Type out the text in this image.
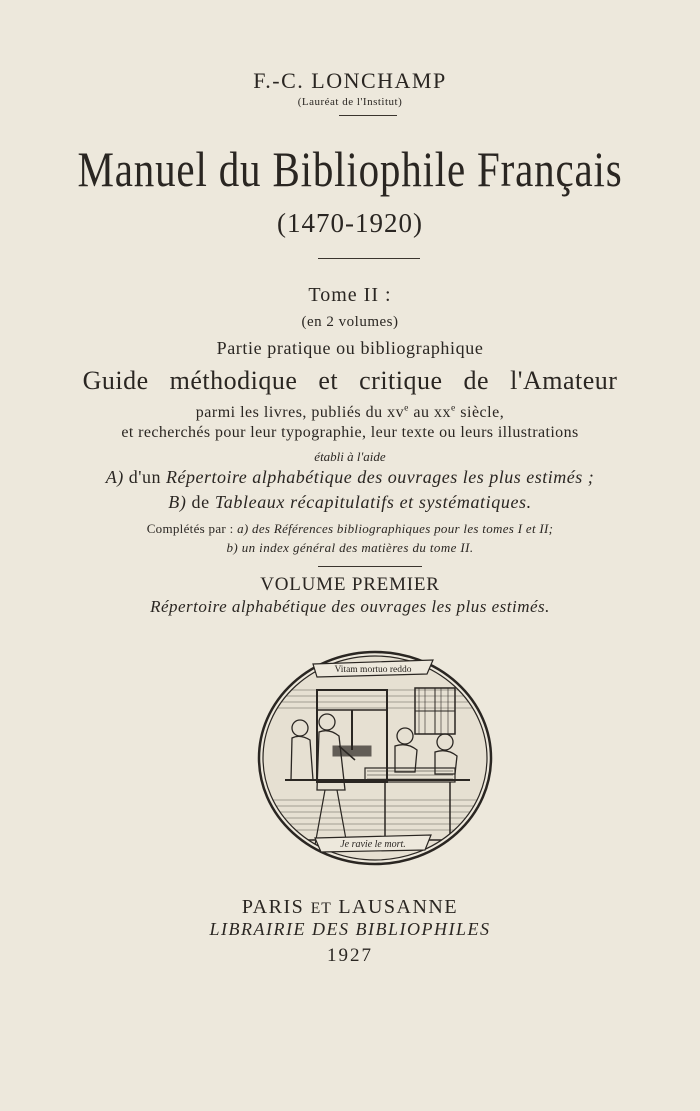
F.-C. LONCHAMP
(Lauréat de l'Institut)
Manuel du Bibliophile Français
(1470-1920)
Tome II :
(en 2 volumes)
Partie pratique ou bibliographique
Guide méthodique et critique de l'Amateur
parmi les livres, publiés du $xv^e$ au $xx^e$ siècle,
et recherchés pour leur typographie, leur texte ou leurs illustrations
établi à l'aide
A) d'un Répertoire alphabétique des ouvrages les plus estimés ;
B) de Tableaux récapitulatifs et systématiques.
Complétés par : a) des Références bibliographiques pour les tomes I et II;
b) un index général des matières du tome II.
VOLUME PREMIER
Répertoire alphabétique des ouvrages les plus estimés.
Vitam mortuo reddo
Je ravie le mort.
PARIS ET LAUSANNE
LIBRAIRIE DES BIBLIOPHILES
1927
